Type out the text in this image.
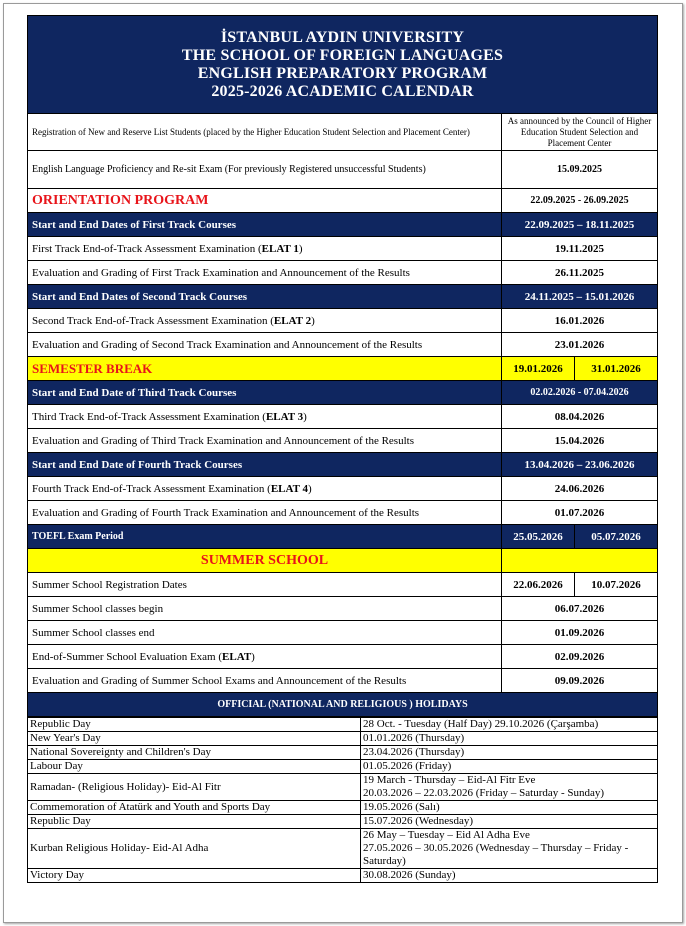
İSTANBUL AYDIN UNIVERSITY
THE SCHOOL OF FOREIGN LANGUAGES
ENGLISH PREPARATORY PROGRAM
2025-2026 ACADEMIC CALENDAR		

Registration of New and Reserve List Students (placed by the Higher Education Student Selection and Placement Center)	As announced by the Council of Higher Education Student Selection and Placement Center	
English Language Proficiency and Re-sit Exam (For previously Registered unsuccessful Students)	15.09.2025	
ORIENTATION PROGRAM	22.09.2025 - 26.09.2025	
Start and End Dates of First Track Courses	22.09.2025 – 18.11.2025	
First Track End-of-Track Assessment Examination (ELAT 1)	19.11.2025	
Evaluation and Grading of First Track Examination and Announcement of the Results	26.11.2025	
Start and End Dates of Second Track Courses	24.11.2025 – 15.01.2026	
Second Track End-of-Track Assessment Examination (ELAT 2)	16.01.2026	
Evaluation and Grading of Second Track Examination and Announcement of the Results	23.01.2026	
SEMESTER BREAK	19.01.2026	31.01.2026
Start and End Date of Third Track Courses	02.02.2026 - 07.04.2026	
Third Track End-of-Track Assessment Examination (ELAT 3)	08.04.2026	
Evaluation and Grading of Third Track Examination and Announcement of the Results	15.04.2026	
Start and End Date of Fourth Track Courses	13.04.2026 – 23.06.2026	
Fourth Track End-of-Track Assessment Examination (ELAT 4)	24.06.2026	
Evaluation and Grading of Fourth Track Examination and Announcement of the Results	01.07.2026	
TOEFL Exam Period	25.05.2026	05.07.2026
SUMMER SCHOOL		
Summer School Registration Dates	22.06.2026	10.07.2026
Summer School classes begin	06.07.2026	
Summer School classes end	01.09.2026	
End-of-Summer School Evaluation Exam (ELAT)	02.09.2026	
Evaluation and Grading of Summer School Exams and Announcement of the Results	09.09.2026	
OFFICIAL (NATIONAL AND RELIGIOUS ) HOLIDAYS		
Republic Day	28 Oct. - Tuesday (Half Day) 29.10.2026 (Çarşamba)

New Year's Day	01.01.2026 (Thursday)

National Sovereignty and Children's Day	23.04.2026 (Thursday)

Labour Day	01.05.2026 (Friday)

Ramadan- (Religious Holiday)- Eid-Al Fitr	19 March - Thursday – Eid-Al Fitr Eve
20.03.2026 – 22.03.2026 (Friday – Saturday - Sunday)

Commemoration of Atatürk and Youth and Sports Day	19.05.2026 (Salı)

Republic Day	15.07.2026 (Wednesday)

Kurban Religious Holiday- Eid-Al Adha	26 May – Tuesday – Eid Al Adha Eve
27.05.2026 – 30.05.2026 (Wednesday – Thursday – Friday - Saturday)

Victory Day	30.08.2026 (Sunday)
